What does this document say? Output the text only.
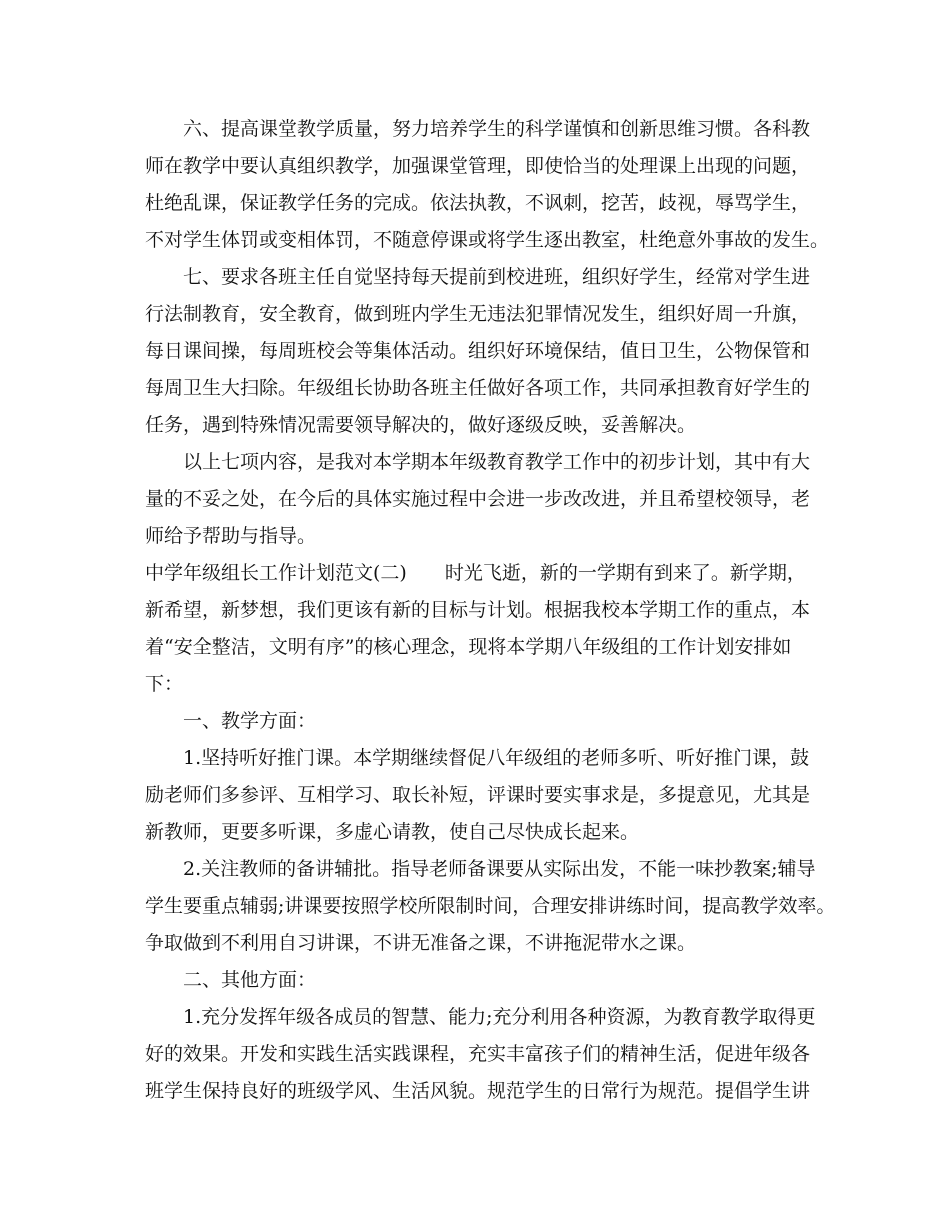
六、提高课堂教学质量，努力培养学生的科学谨慎和创新思维习惯。各科教
师在教学中要认真组织教学，加强课堂管理，即使恰当的处理课上出现的问题，
杜绝乱课，保证教学任务的完成。依法执教，不讽刺，挖苦，歧视，辱骂学生，
不对学生体罚或变相体罚，不随意停课或将学生逐出教室，杜绝意外事故的发生。
七、要求各班主任自觉坚持每天提前到校进班，组织好学生，经常对学生进
行法制教育，安全教育，做到班内学生无违法犯罪情况发生，组织好周一升旗，
每日课间操，每周班校会等集体活动。组织好环境保结，值日卫生，公物保管和
每周卫生大扫除。年级组长协助各班主任做好各项工作，共同承担教育好学生的
任务，遇到特殊情况需要领导解决的，做好逐级反映，妥善解决。
以上七项内容，是我对本学期本年级教育教学工作中的初步计划，其中有大
量的不妥之处，在今后的具体实施过程中会进一步改改进，并且希望校领导，老
师给予帮助与指导。
中学年级组长工作计划范文(二)　　时光飞逝，新的一学期有到来了。新学期，
新希望，新梦想，我们更该有新的目标与计划。根据我校本学期工作的重点，本
着“安全整洁，文明有序”的核心理念，现将本学期八年级组的工作计划安排如
下：
一、教学方面：
1.坚持听好推门课。本学期继续督促八年级组的老师多听、听好推门课，鼓
励老师们多参评、互相学习、取长补短，评课时要实事求是，多提意见，尤其是
新教师，更要多听课，多虚心请教，使自己尽快成长起来。
2.关注教师的备讲辅批。指导老师备课要从实际出发，不能一味抄教案;辅导
学生要重点辅弱;讲课要按照学校所限制时间，合理安排讲练时间，提高教学效率。
争取做到不利用自习讲课，不讲无准备之课，不讲拖泥带水之课。
二、其他方面：
1.充分发挥年级各成员的智慧、能力;充分利用各种资源，为教育教学取得更
好的效果。开发和实践生活实践课程，充实丰富孩子们的精神生活，促进年级各
班学生保持良好的班级学风、生活风貌。规范学生的日常行为规范。提倡学生讲
